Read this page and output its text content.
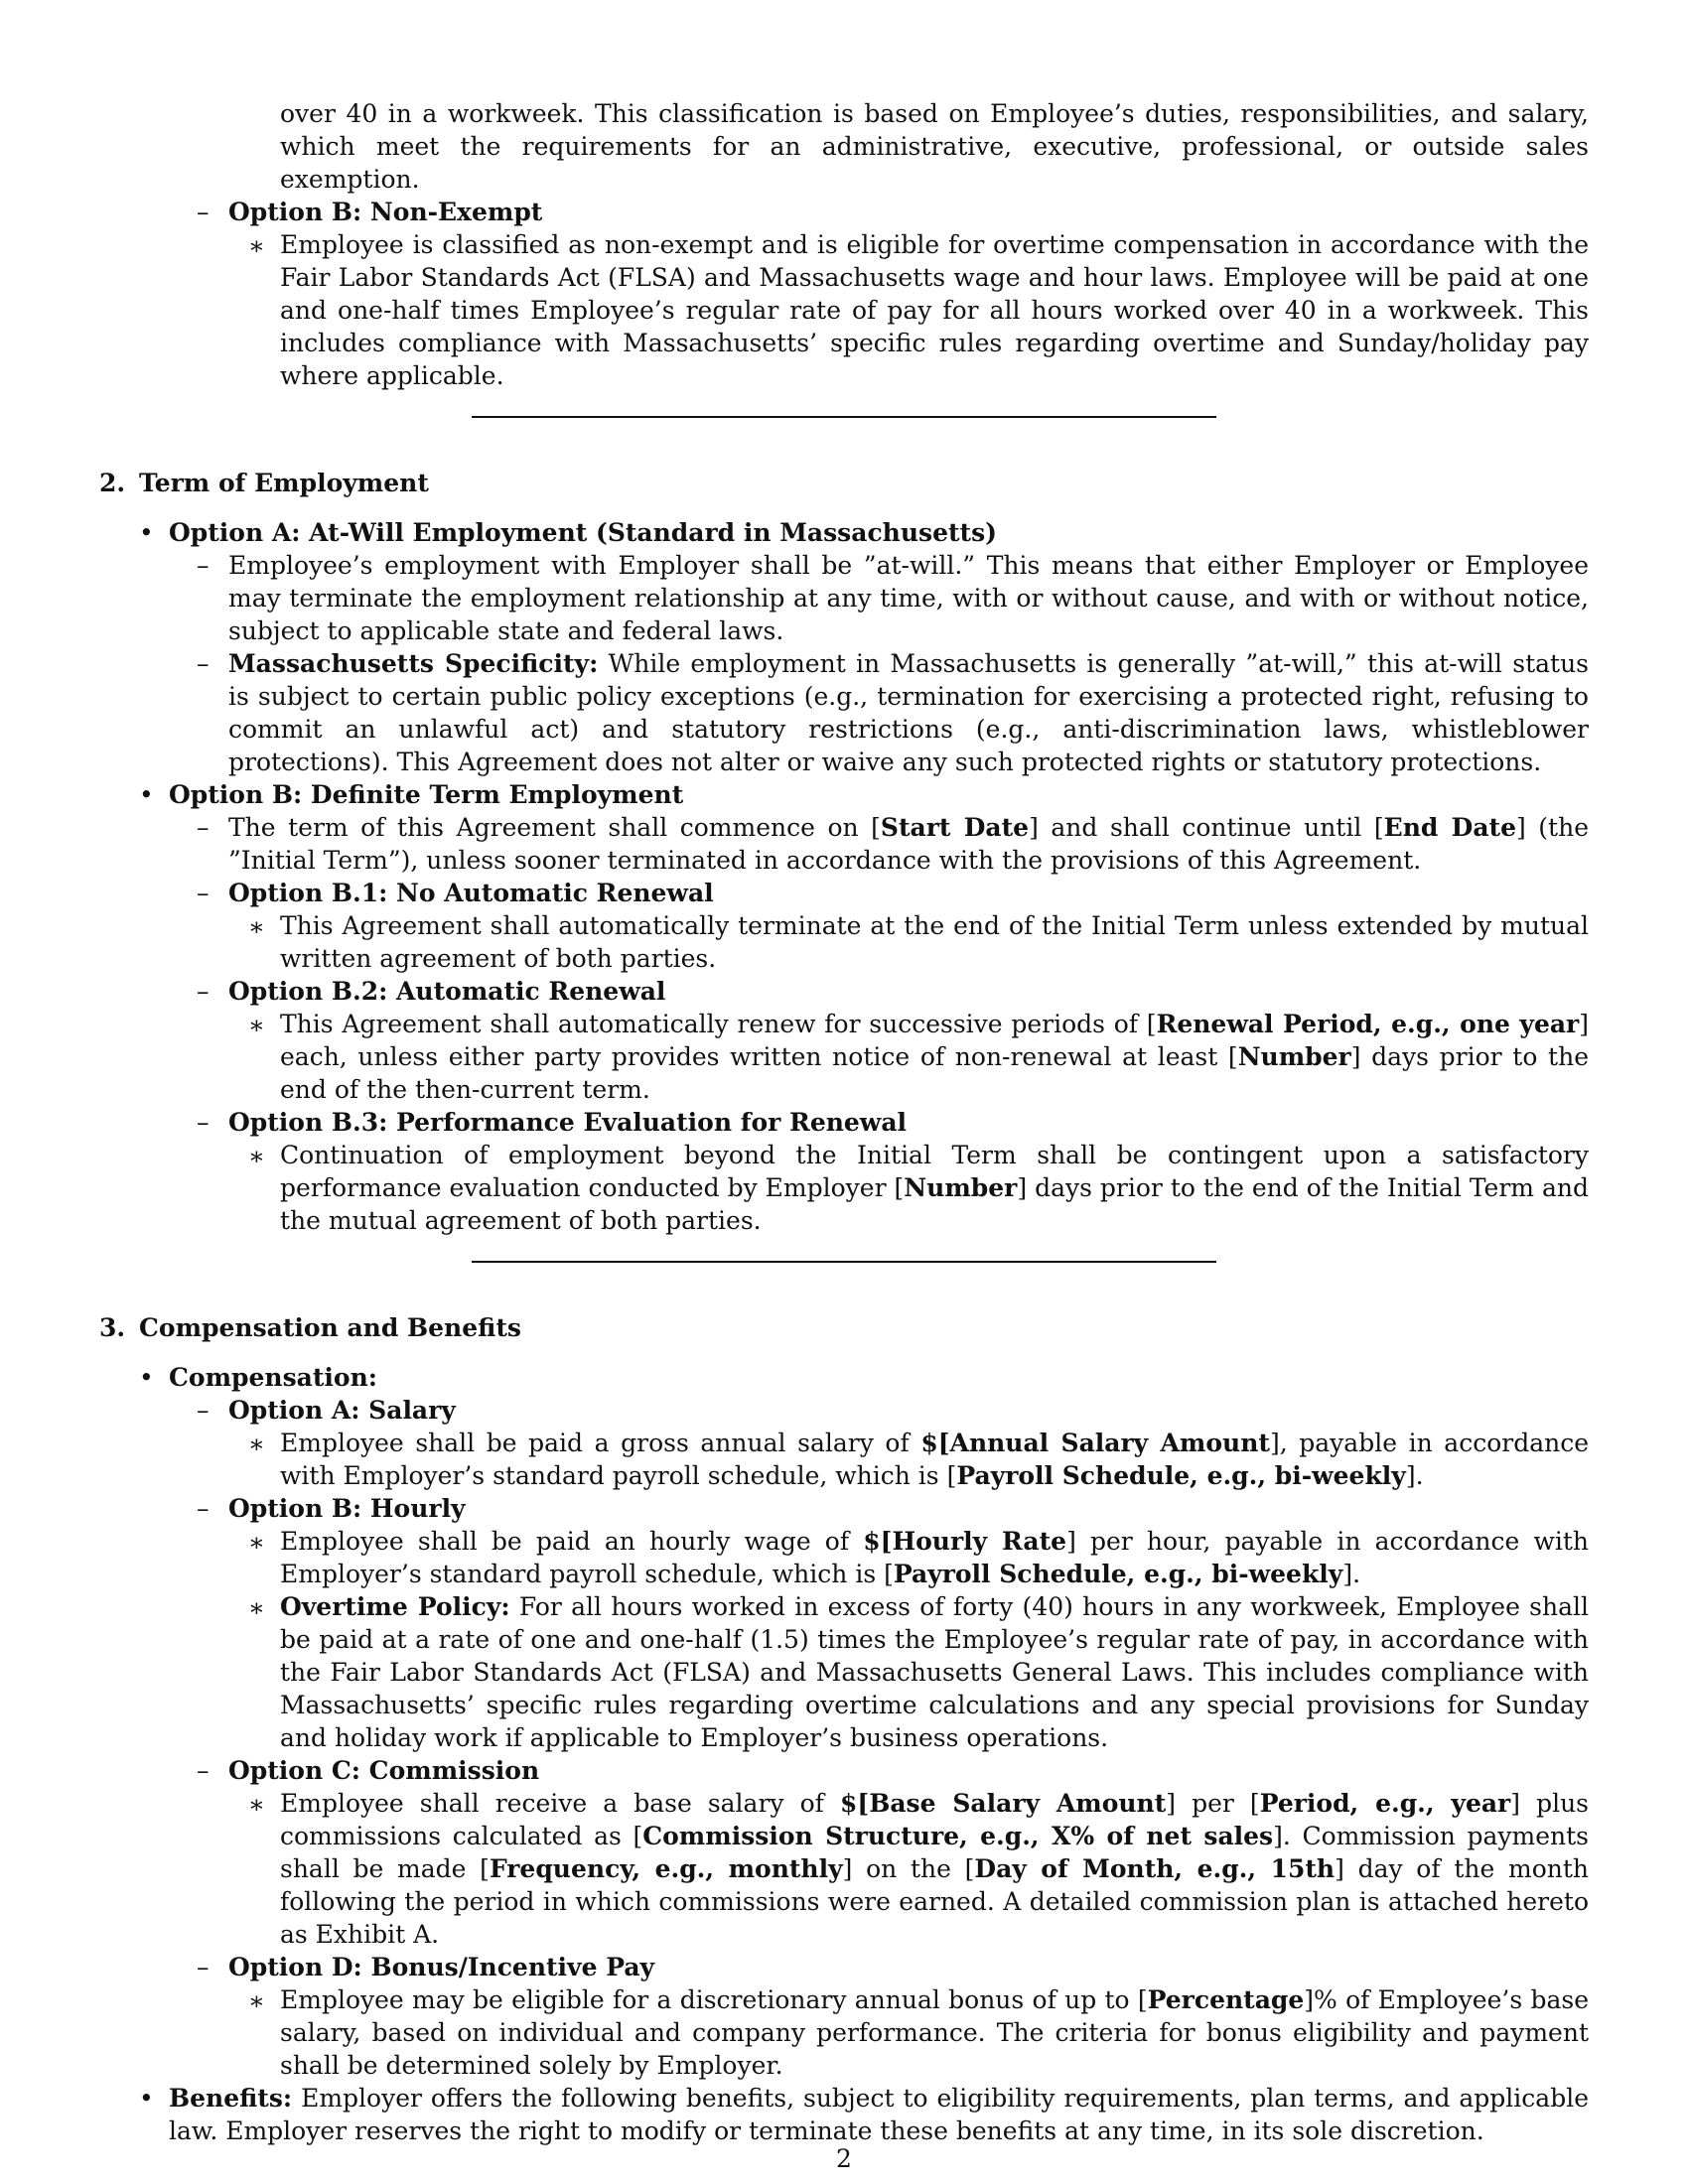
over 40 in a workweek. This classification is based on Employee’s duties, responsibilities, and salary, which meet the requirements for an administrative, executive, professional, or outside sales exemption.

– Option B: Non-Exempt

∗ Employee is classified as non-exempt and is eligible for overtime compensation in accordance with the Fair Labor Standards Act (FLSA) and Massachusetts wage and hour laws. Employee will be paid at one and one-half times Employee’s regular rate of pay for all hours worked over 40 in a workweek. This includes compliance with Massachusetts’ specific rules regarding overtime and Sunday/holiday pay where applicable.

2. Term of Employment

• Option A: At-Will Employment (Standard in Massachusetts)

– Employee’s employment with Employer shall be ”at-will.” This means that either Employer or Employee may terminate the employment relationship at any time, with or without cause, and with or without notice, subject to applicable state and federal laws.

– Massachusetts Specificity: While employment in Massachusetts is generally ”at-will,” this at-will status is subject to certain public policy exceptions (e.g., termination for exercising a protected right, refusing to commit an unlawful act) and statutory restrictions (e.g., anti-discrimination laws, whistleblower protections). This Agreement does not alter or waive any such protected rights or statutory protections.

• Option B: Definite Term Employment

– The term of this Agreement shall commence on [Start Date] and shall continue until [End Date] (the ”Initial Term”), unless sooner terminated in accordance with the provisions of this Agreement.

– Option B.1: No Automatic Renewal

∗ This Agreement shall automatically terminate at the end of the Initial Term unless extended by mutual written agreement of both parties.

– Option B.2: Automatic Renewal

∗ This Agreement shall automatically renew for successive periods of [Renewal Period, e.g., one year] each, unless either party provides written notice of non-renewal at least [Number] days prior to the end of the then-current term.

– Option B.3: Performance Evaluation for Renewal

∗ Continuation of employment beyond the Initial Term shall be contingent upon a satisfactory performance evaluation conducted by Employer [Number] days prior to the end of the Initial Term and the mutual agreement of both parties.

3. Compensation and Benefits

• Compensation:

– Option A: Salary

∗ Employee shall be paid a gross annual salary of $[Annual Salary Amount], payable in accordance with Employer’s standard payroll schedule, which is [Payroll Schedule, e.g., bi-weekly].

– Option B: Hourly

∗ Employee shall be paid an hourly wage of $[Hourly Rate] per hour, payable in accordance with Employer’s standard payroll schedule, which is [Payroll Schedule, e.g., bi-weekly].

∗ Overtime Policy: For all hours worked in excess of forty (40) hours in any workweek, Employee shall be paid at a rate of one and one-half (1.5) times the Employee’s regular rate of pay, in accordance with the Fair Labor Standards Act (FLSA) and Massachusetts General Laws. This includes compliance with Massachusetts’ specific rules regarding overtime calculations and any special provisions for Sunday and holiday work if applicable to Employer’s business operations.

– Option C: Commission

∗ Employee shall receive a base salary of $[Base Salary Amount] per [Period, e.g., year] plus commissions calculated as [Commission Structure, e.g., X% of net sales]. Commission payments shall be made [Frequency, e.g., monthly] on the [Day of Month, e.g., 15th] day of the month following the period in which commissions were earned. A detailed commission plan is attached hereto as Exhibit A.

– Option D: Bonus/Incentive Pay

∗ Employee may be eligible for a discretionary annual bonus of up to [Percentage]% of Employee’s base salary, based on individual and company performance. The criteria for bonus eligibility and payment shall be determined solely by Employer.

• Benefits: Employer offers the following benefits, subject to eligibility requirements, plan terms, and applicable law. Employer reserves the right to modify or terminate these benefits at any time, in its sole discretion.

2
